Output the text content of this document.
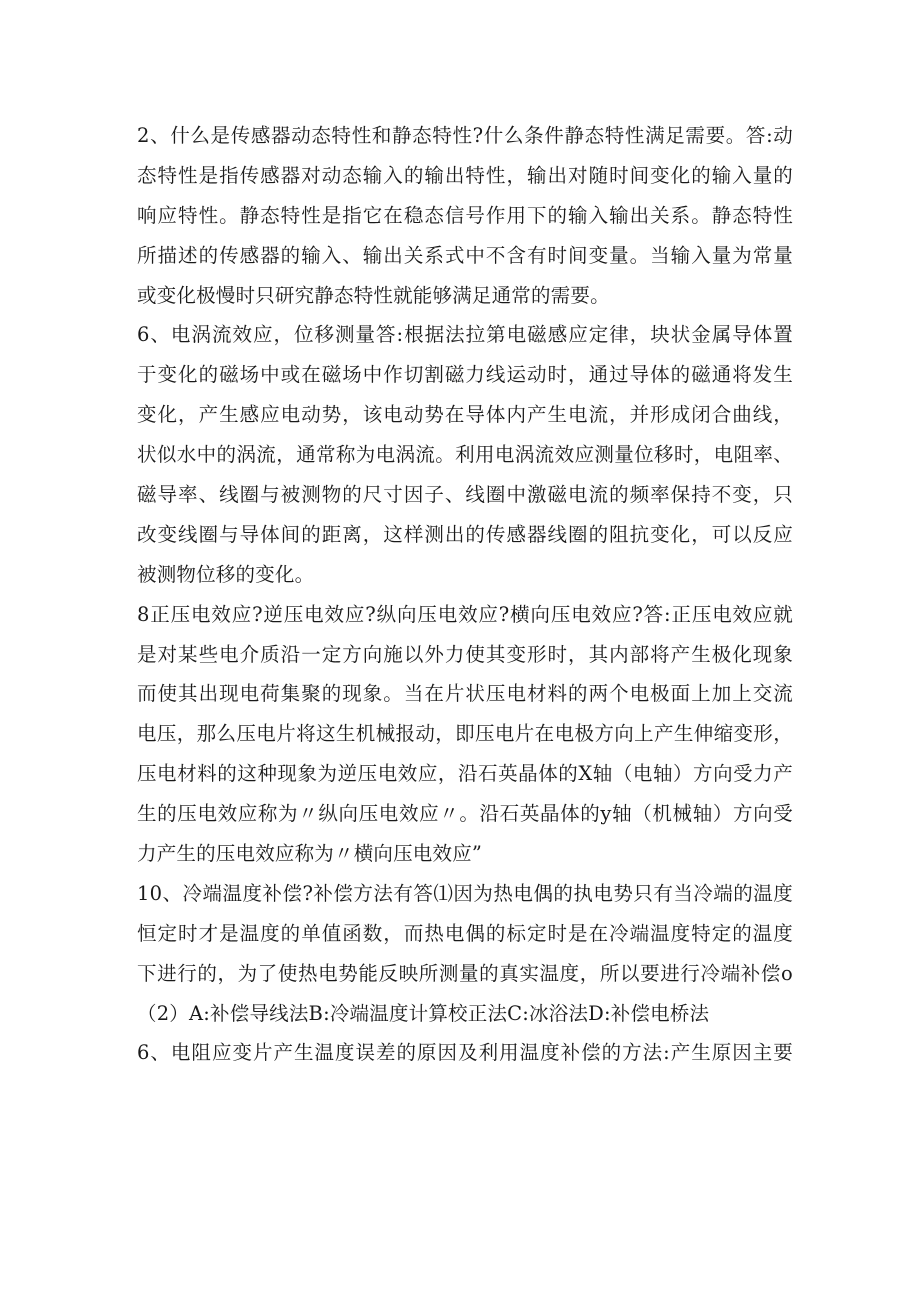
2、什么是传感器动态特性和静态特性?什么条件静态特性满足需要。答:动
态特性是指传感器对动态输入的输出特性，输出对随时间变化的输入量的
响应特性。静态特性是指它在稳态信号作用下的输入输出关系。静态特性
所描述的传感器的输入、输出关系式中不含有时间变量。当输入量为常量
或变化极慢时只研究静态特性就能够满足通常的需要。
6、电涡流效应，位移测量答:根据法拉第电磁感应定律，块状金属导体置
于变化的磁场中或在磁场中作切割磁力线运动时，通过导体的磁通将发生
变化，产生感应电动势，该电动势在导体内产生电流，并形成闭合曲线，
状似水中的涡流，通常称为电涡流。利用电涡流效应测量位移时，电阻率、
磁导率、线圈与被测物的尺寸因子、线圈中激磁电流的频率保持不变，只
改变线圈与导体间的距离，这样测出的传感器线圈的阻抗变化，可以反应
被测物位移的变化。
8正压电效应?逆压电效应?纵向压电效应?横向压电效应?答:正压电效应就
是对某些电介质沿一定方向施以外力使其变形时，其内部将产生极化现象
而使其出现电荷集聚的现象。当在片状压电材料的两个电极面上加上交流
电压，那么压电片将这生机械报动，即压电片在电极方向上产生伸缩变形，
压电材料的这种现象为逆压电效应，沿石英晶体的X轴（电轴）方向受力产
生的压电效应称为〃纵向压电效应〃。沿石英晶体的y轴（机械轴）方向受
力产生的压电效应称为〃横向压电效应”
10、冷端温度补偿?补偿方法有答⑴因为热电偶的执电势只有当冷端的温度
恒定时才是温度的单值函数，而热电偶的标定时是在冷端温度特定的温度
下进行的，为了使热电势能反映所测量的真实温度，所以要进行冷端补偿o
（2）A:补偿导线法B:冷端温度计算校正法C:冰浴法D:补偿电桥法
6、电阻应变片产生温度误差的原因及利用温度补偿的方法:产生原因主要
